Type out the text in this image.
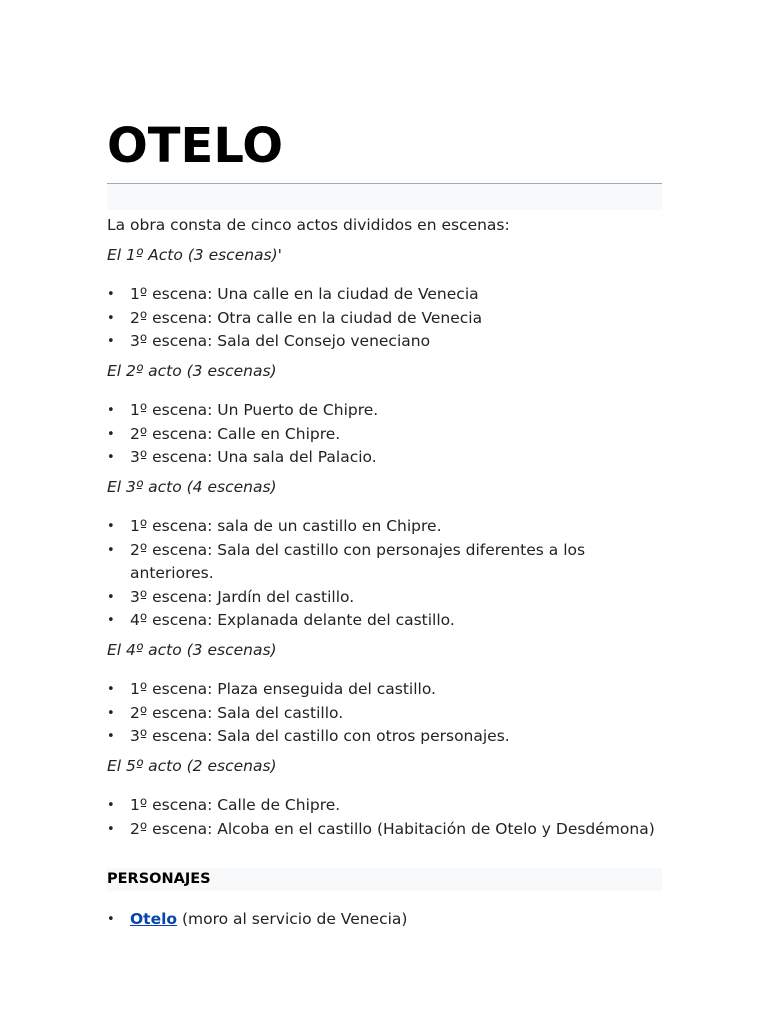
OTELO

La obra consta de cinco actos divididos en escenas:

El 1º Acto (3 escenas)'

• 1º escena: Una calle en la ciudad de Venecia
• 2º escena: Otra calle en la ciudad de Venecia
• 3º escena: Sala del Consejo veneciano

El 2º acto (3 escenas)

• 1º escena: Un Puerto de Chipre.
• 2º escena: Calle en Chipre.
• 3º escena: Una sala del Palacio.

El 3º acto (4 escenas)

• 1º escena: sala de un castillo en Chipre.
• 2º escena: Sala del castillo con personajes diferentes a los anteriores.
• 3º escena: Jardín del castillo.
• 4º escena: Explanada delante del castillo.

El 4º acto (3 escenas)

• 1º escena: Plaza enseguida del castillo.
• 2º escena: Sala del castillo.
• 3º escena: Sala del castillo con otros personajes.

El 5º acto (2 escenas)

• 1º escena: Calle de Chipre.
• 2º escena: Alcoba en el castillo (Habitación de Otelo y Desdémona)
PERSONAJES
• Otelo (moro al servicio de Venecia)
